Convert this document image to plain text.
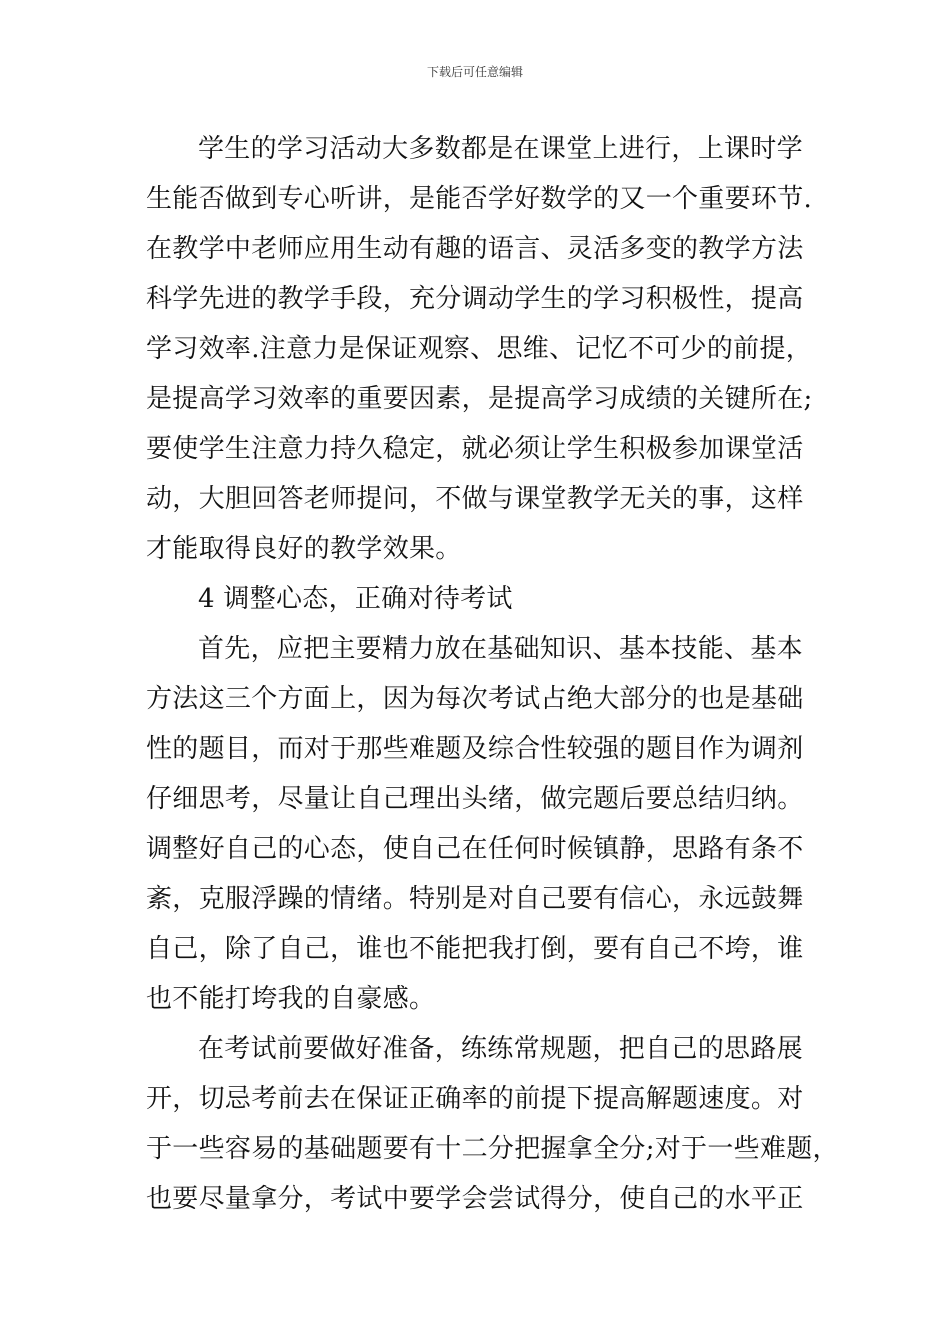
下载后可任意编辑
学生的学习活动大多数都是在课堂上进行，上课时学
生能否做到专心听讲，是能否学好数学的又一个重要环节.
在教学中老师应用生动有趣的语言、灵活多变的教学方法
科学先进的教学手段，充分调动学生的学习积极性，提高
学习效率.注意力是保证观察、思维、记忆不可少的前提，
是提高学习效率的重要因素，是提高学习成绩的关键所在;
要使学生注意力持久稳定，就必须让学生积极参加课堂活
动，大胆回答老师提问，不做与课堂教学无关的事，这样
才能取得良好的教学效果。
4 调整心态，正确对待考试
首先，应把主要精力放在基础知识、基本技能、基本
方法这三个方面上，因为每次考试占绝大部分的也是基础
性的题目，而对于那些难题及综合性较强的题目作为调剂
仔细思考，尽量让自己理出头绪，做完题后要总结归纳。
调整好自己的心态，使自己在任何时候镇静，思路有条不
紊，克服浮躁的情绪。特别是对自己要有信心，永远鼓舞
自己，除了自己，谁也不能把我打倒，要有自己不垮，谁
也不能打垮我的自豪感。
在考试前要做好准备，练练常规题，把自己的思路展
开，切忌考前去在保证正确率的前提下提高解题速度。对
于一些容易的基础题要有十二分把握拿全分;对于一些难题，
也要尽量拿分，考试中要学会尝试得分，使自己的水平正
